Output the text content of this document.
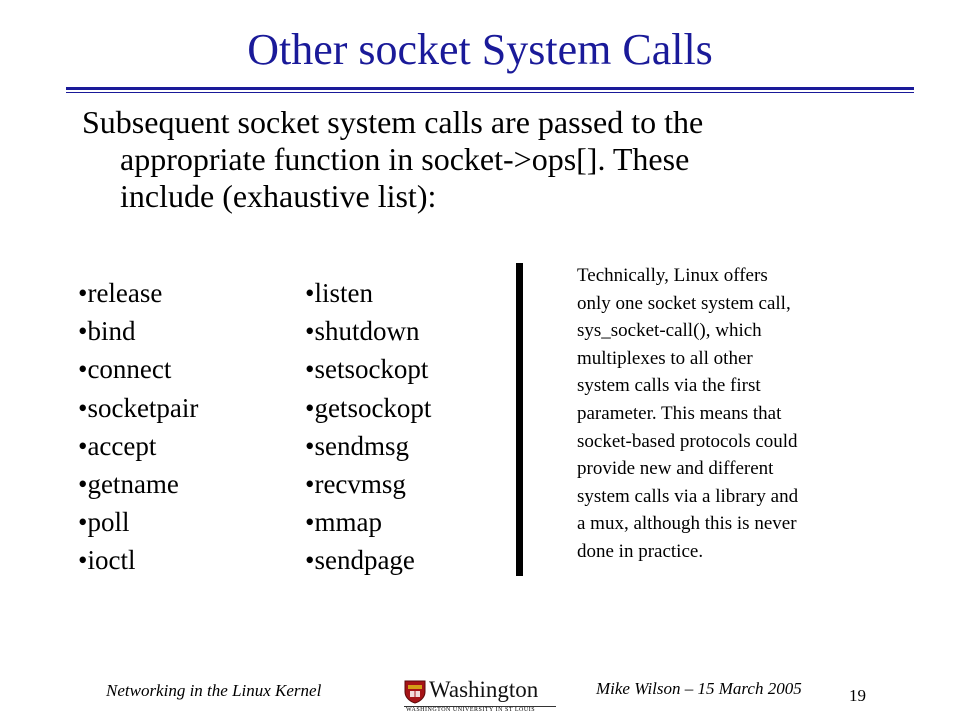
Other socket System Calls
Subsequent socket system calls are passed to the
appropriate function in socket->ops[]. These
include (exhaustive list):
•release
•bind
•connect
•socketpair
•accept
•getname
•poll
•ioctl
•listen
•shutdown
•setsockopt
•getsockopt
•sendmsg
•recvmsg
•mmap
•sendpage
Technically, Linux offers
only one socket system call,
sys_socket-call(), which
multiplexes to all other
system calls via the first
parameter. This means that
socket-based protocols could
provide new and different
system calls via a library and
a mux, although this is never
done in practice.
Networking in the Linux Kernel	Washington
WASHINGTON UNIVERSITY IN ST LOUIS
Mike Wilson – 15 March 2005	19
